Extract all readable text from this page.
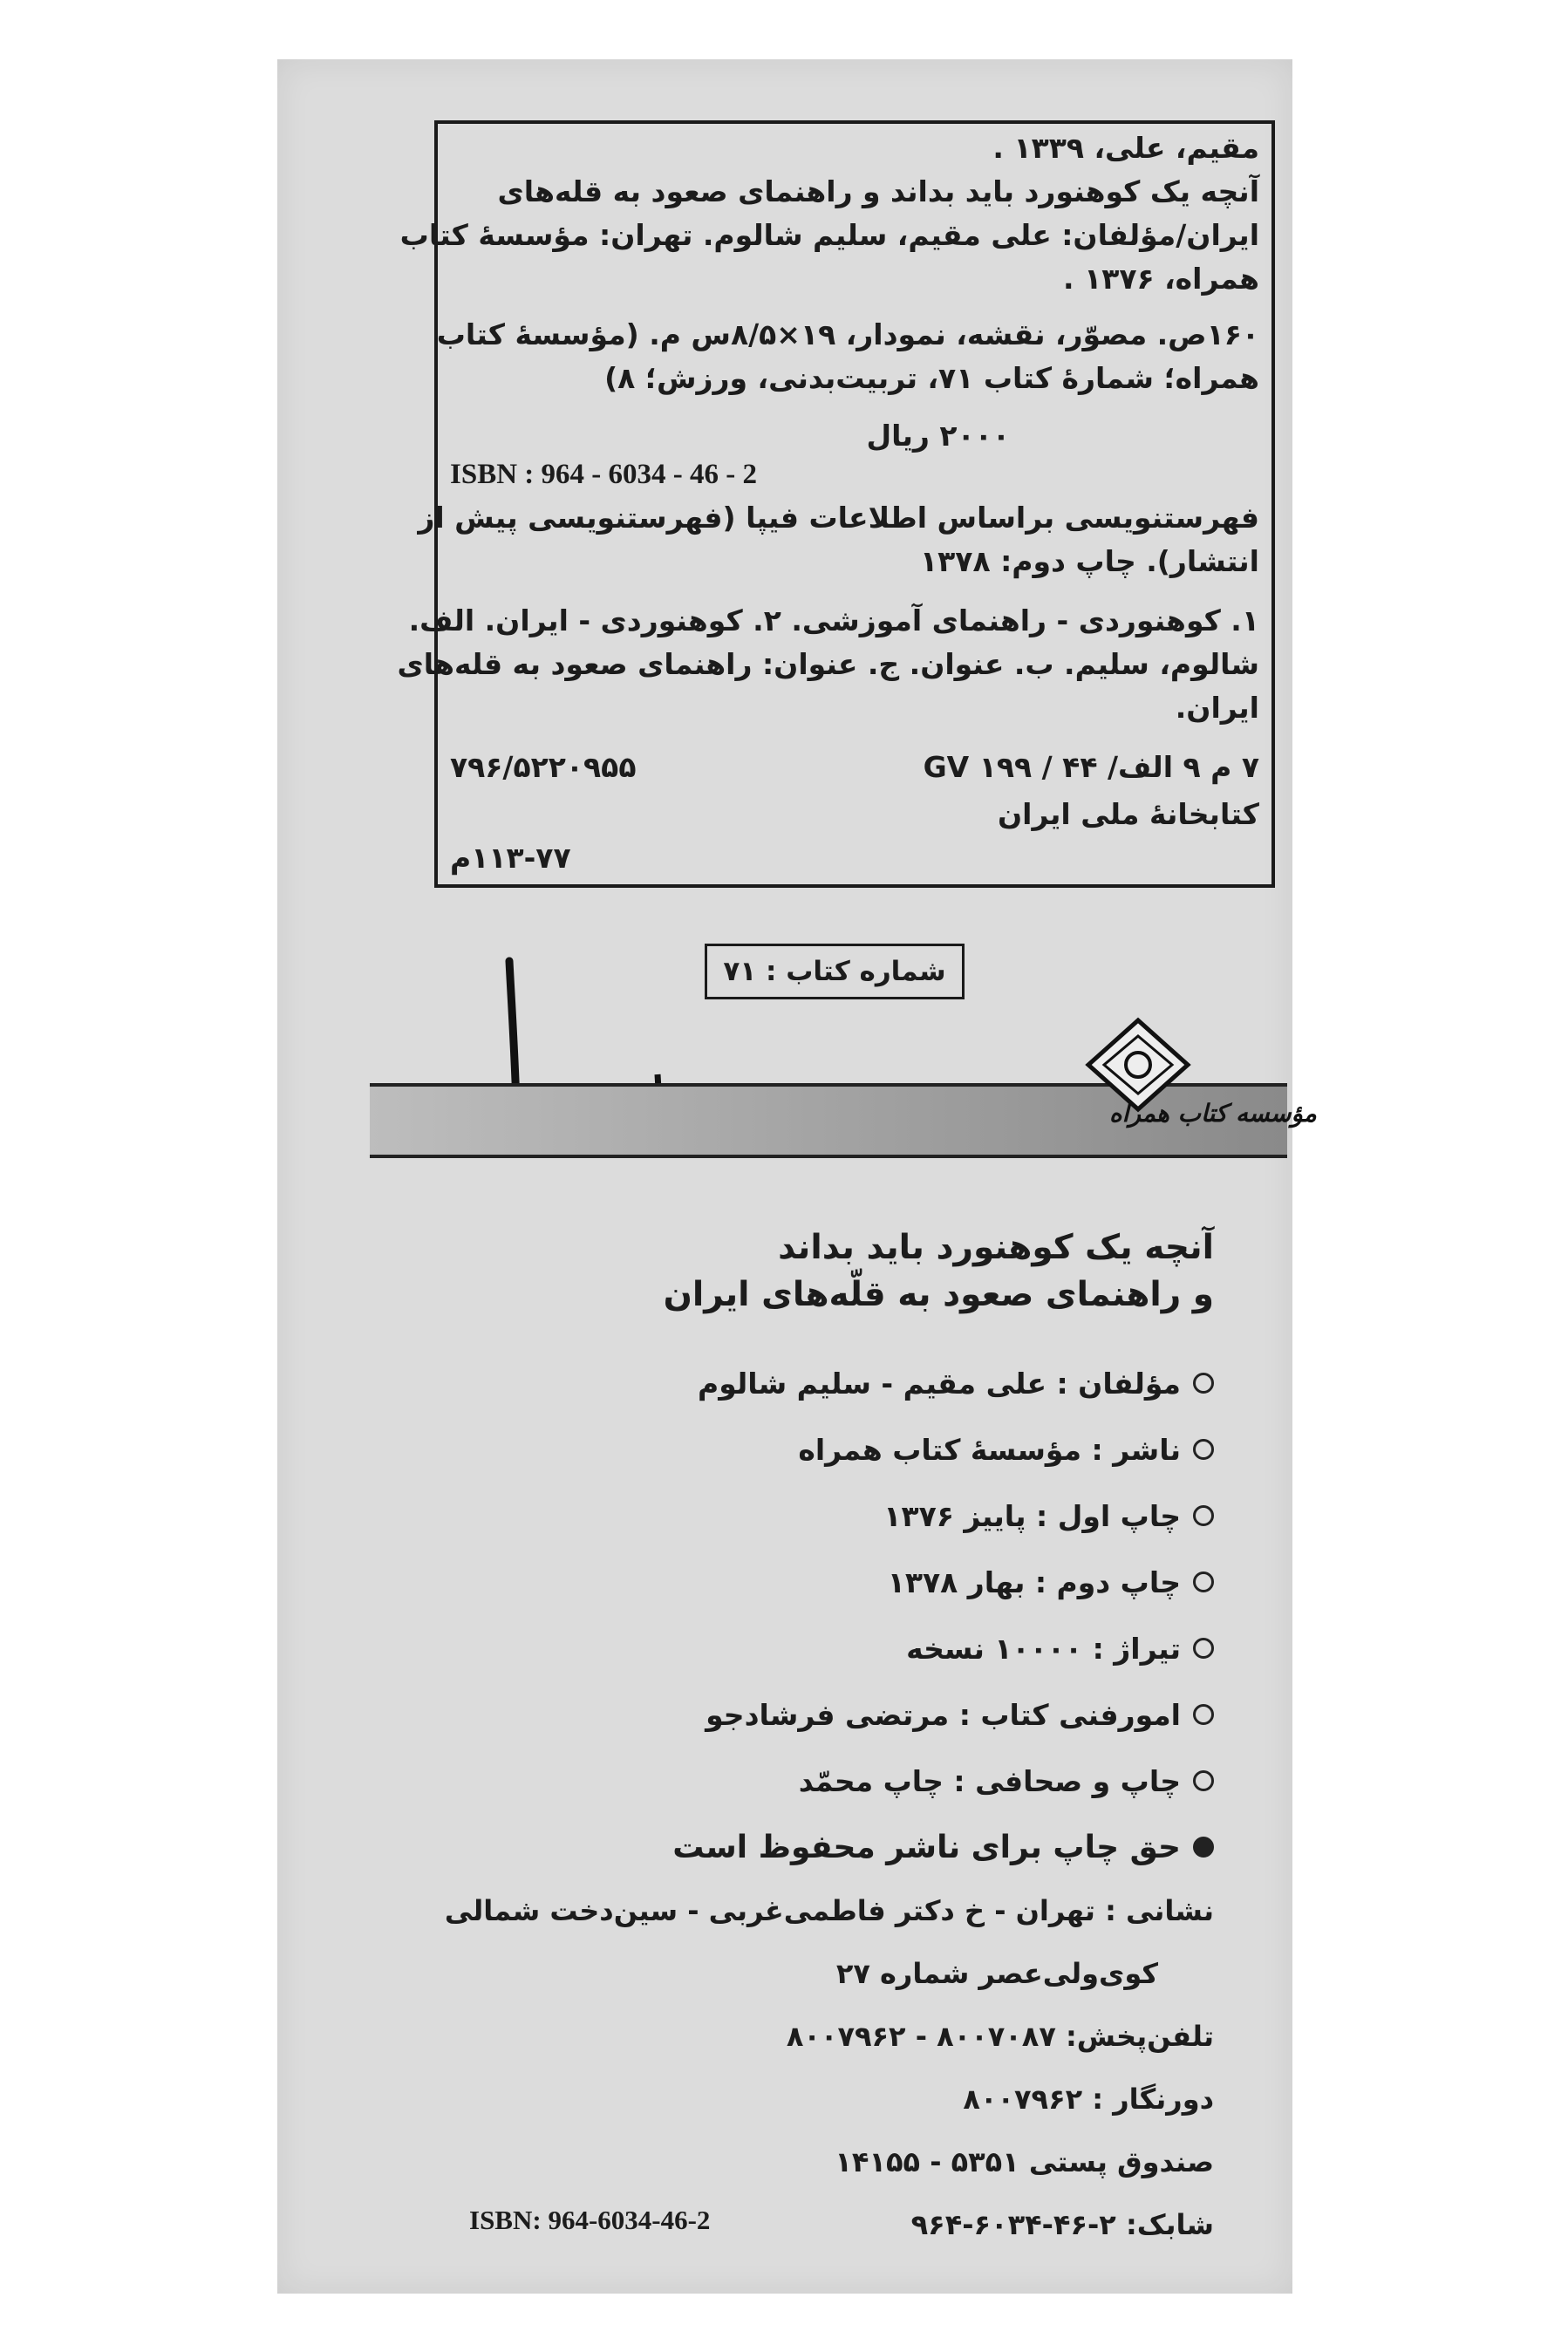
مقیم، علی، ۱۳۳۹ .
آنچه یک کوهنورد باید بداند و راهنمای صعود به قله‌های
ایران/مؤلفان: علی مقیم، سلیم شالوم. تهران: مؤسسهٔ کتاب
همراه، ۱۳۷۶ .
۱۶۰ص. مصوّر، نقشه، نمودار، ۱۹×۸/۵س م. (مؤسسهٔ کتاب
همراه؛ شمارهٔ کتاب ۷۱، تربیت‌بدنی، ورزش؛ ۸)
۲۰۰۰ ریال
ISBN : 964 - 6034 - 46 - 2
فهرستنویسی براساس اطلاعات فیپا (فهرستنویسی پیش از
انتشار). چاپ دوم: ۱۳۷۸
۱. کوهنوردی - راهنمای آموزشی. ۲. کوهنوردی - ایران. الف.
شالوم، سلیم. ب. عنوان. ج. عنوان: راهنمای صعود به قله‌های
ایران.
۷ م ۹ الف/ ۴۴ / ۱۹۹ GV
۷۹۶/۵۲۲۰۹۵۵
کتابخانهٔ ملی ایران
۱۱۳-۷۷م
شماره کتاب : ۷۱
مؤسسه کتاب همراه
آنچه یک کوهنورد باید بداند
و راهنمای صعود به قلّه‌های ایران
مؤلفان : علی مقیم - سلیم شالوم
ناشر : مؤسسهٔ کتاب همراه
چاپ اول : پاییز ۱۳۷۶
چاپ دوم : بهار ۱۳۷۸
تیراژ : ۱۰۰۰۰ نسخه
امورفنی کتاب : مرتضی فرشادجو
چاپ و صحافی : چاپ محمّد
حق چاپ برای ناشر محفوظ است
نشانی : تهران - خ دکتر فاطمی‌غربی - سین‌دخت شمالی
کوی‌ولی‌عصر شماره ۲۷
تلفن‌پخش: ۸۰۰۷۰۸۷ - ۸۰۰۷۹۶۲
دورنگار : ۸۰۰۷۹۶۲
صندوق پستی ۵۳۵۱ - ۱۴۱۵۵
شابک: ۲-۴۶-۶۰۳۴-۹۶۴
ISBN: 964-6034-46-2
